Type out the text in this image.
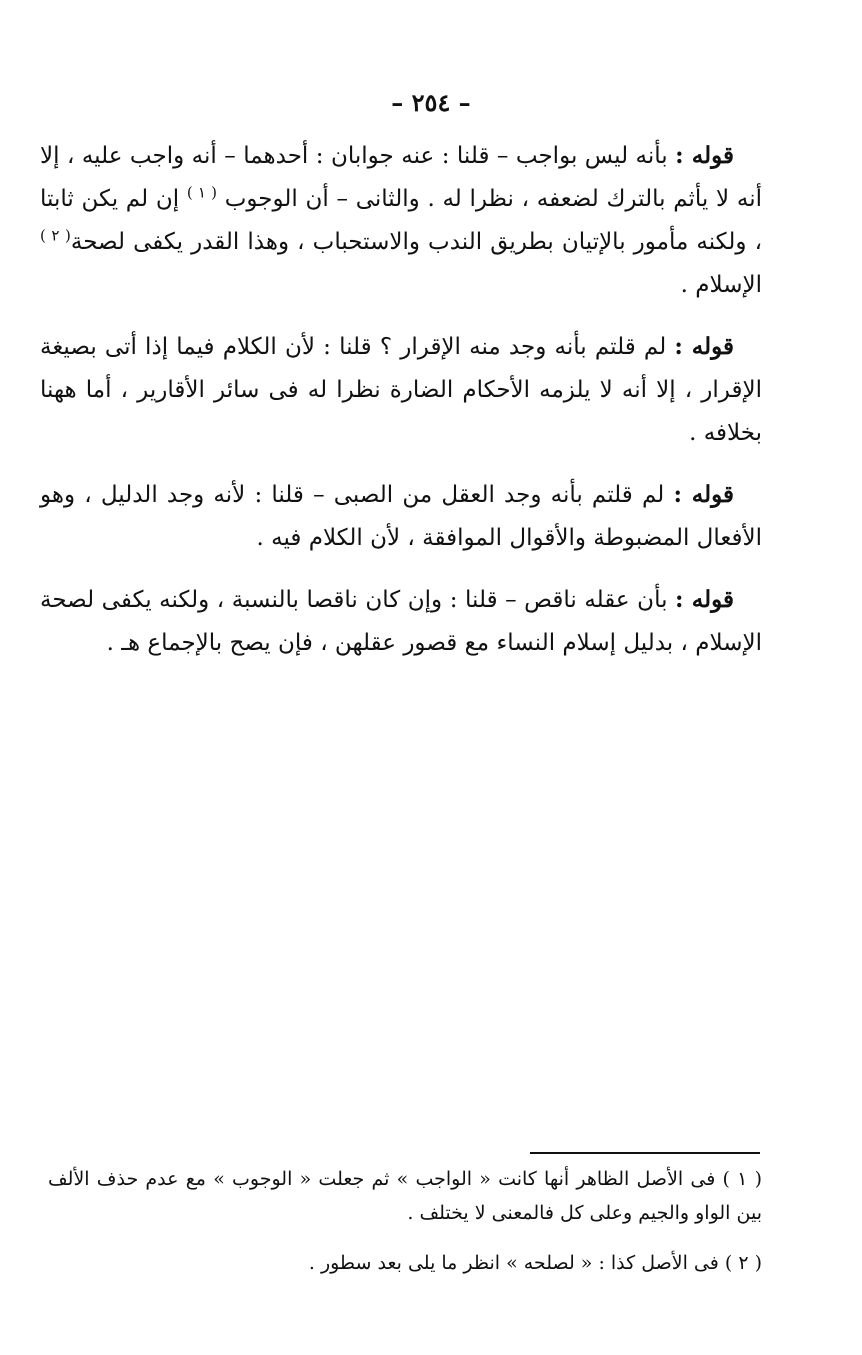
– ٢٥٤ –

قوله : بأنه ليس بواجب – قلنا : عنه جوابان : أحدهما – أنه واجب عليه ، إلا أنه لا يأثم بالترك لضعفه ، نظرا له . والثانى – أن الوجوب $^{( ١ )}$ إن لم يكن ثابتا ، ولكنه مأمور بالإتيان بطريق الندب والاستحباب ، وهذا القدر يكفى لصحة$^{( ٢ )}$ الإسلام .

قوله : لم قلتم بأنه وجد منه الإقرار ؟ قلنا : لأن الكلام فيما إذا أتى بصيغة الإقرار ، إلا أنه لا يلزمه الأحكام الضارة نظرا له فى سائر الأقارير ، أما ههنا بخلافه .

قوله : لم قلتم بأنه وجد العقل من الصبى – قلنا : لأنه وجد الدليل ، وهو الأفعال المضبوطة والأقوال الموافقة ، لأن الكلام فيه .

قوله : بأن عقله ناقص – قلنا : وإن كان ناقصا بالنسبة ، ولكنه يكفى لصحة الإسلام ، بدليل إسلام النساء مع قصور عقلهن ، فإن يصح بالإجماع هـ .

( ١ ) فى الأصل الظاهر أنها كانت « الواجب » ثم جعلت « الوجوب » مع عدم حذف الألف بين الواو والجيم وعلى كل فالمعنى لا يختلف .

( ٢ ) فى الأصل كذا : « لصلحه » انظر ما يلى بعد سطور .
